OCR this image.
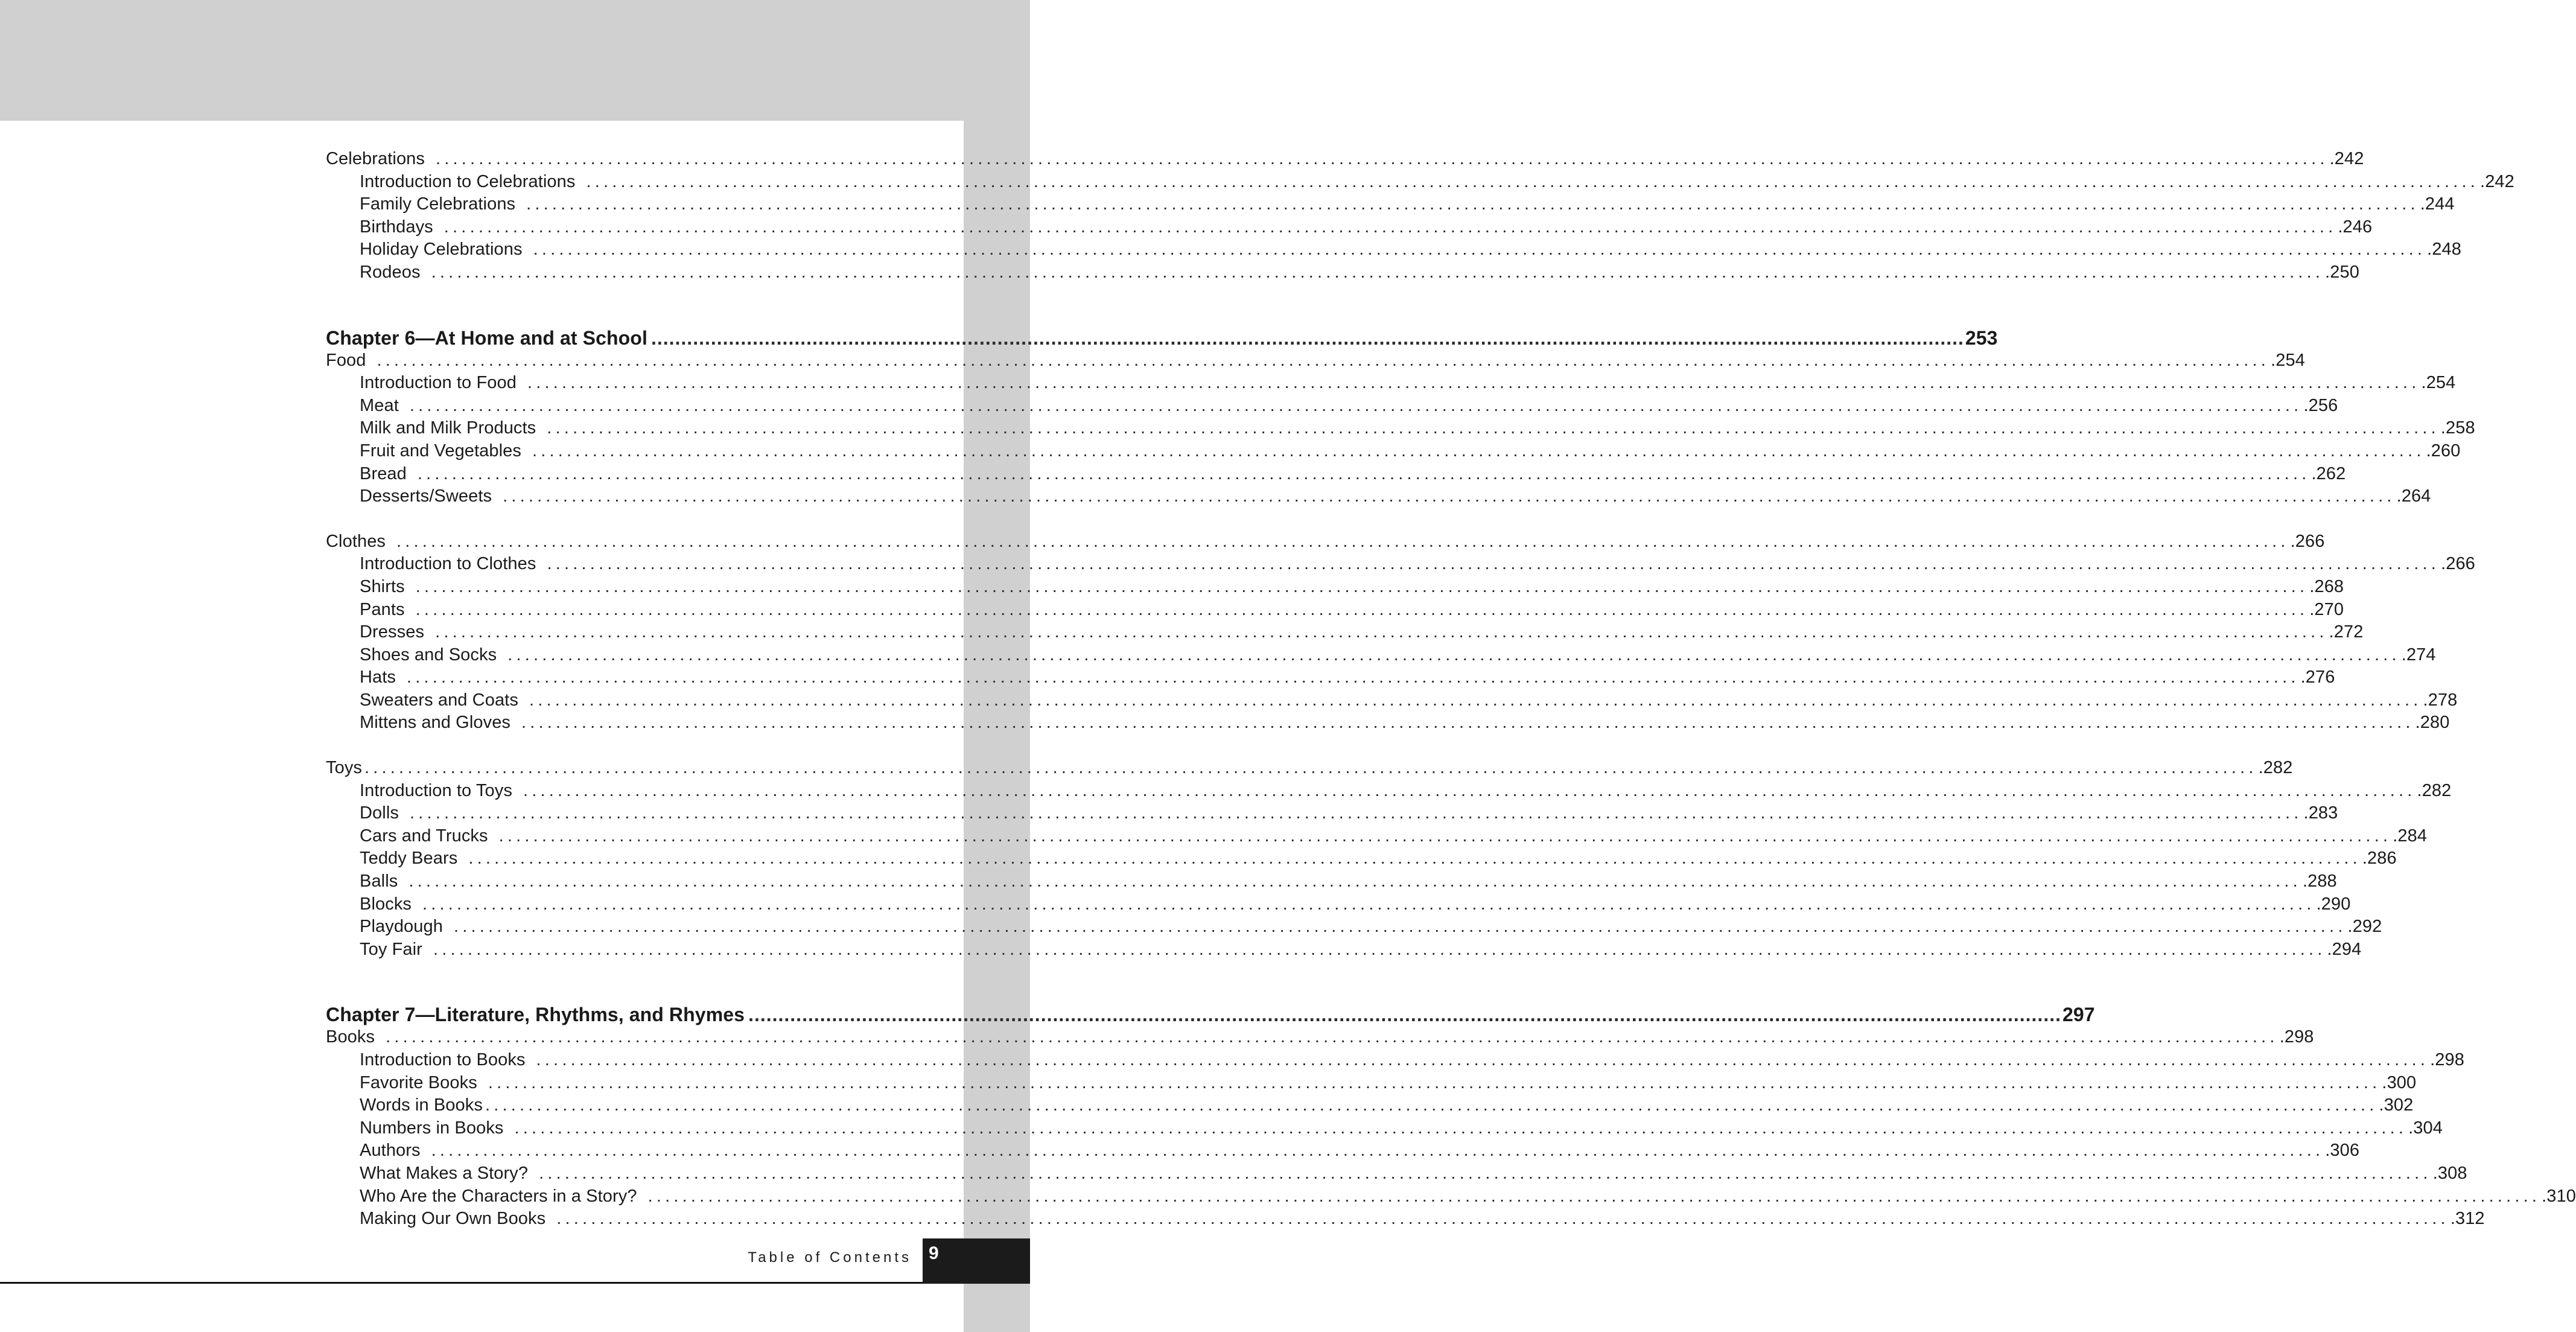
Celebrations ............................................................................................................................................................................................................................ .242
Introduction to Celebrations ............................................................................................................................................................................................................................ .242
Family Celebrations ............................................................................................................................................................................................................................ .244
Birthdays ............................................................................................................................................................................................................................ .246
Holiday Celebrations ............................................................................................................................................................................................................................ .248
Rodeos ............................................................................................................................................................................................................................ .250
Chapter 6—At Home and at School ............................................................................................................................................................................................................................ 253
Food ............................................................................................................................................................................................................................ .254
Introduction to Food ............................................................................................................................................................................................................................ .254
Meat ............................................................................................................................................................................................................................ .256
Milk and Milk Products ............................................................................................................................................................................................................................ .258
Fruit and Vegetables ............................................................................................................................................................................................................................ .260
Bread ............................................................................................................................................................................................................................ .262
Desserts/Sweets ............................................................................................................................................................................................................................ .264
Clothes ............................................................................................................................................................................................................................ .266
Introduction to Clothes ............................................................................................................................................................................................................................ .266
Shirts ............................................................................................................................................................................................................................ .268
Pants ............................................................................................................................................................................................................................ .270
Dresses ............................................................................................................................................................................................................................ .272
Shoes and Socks ............................................................................................................................................................................................................................ .274
Hats ............................................................................................................................................................................................................................ .276
Sweaters and Coats ............................................................................................................................................................................................................................ .278
Mittens and Gloves ............................................................................................................................................................................................................................ .280
Toys ............................................................................................................................................................................................................................ .282
Introduction to Toys ............................................................................................................................................................................................................................ .282
Dolls ............................................................................................................................................................................................................................ .283
Cars and Trucks ............................................................................................................................................................................................................................ .284
Teddy Bears ............................................................................................................................................................................................................................ .286
Balls ............................................................................................................................................................................................................................ .288
Blocks ............................................................................................................................................................................................................................ .290
Playdough ............................................................................................................................................................................................................................ .292
Toy Fair ............................................................................................................................................................................................................................ .294
Chapter 7—Literature, Rhythms, and Rhymes ............................................................................................................................................................................................................................ 297
Books ............................................................................................................................................................................................................................ .298
Introduction to Books ............................................................................................................................................................................................................................ .298
Favorite Books ............................................................................................................................................................................................................................ .300
Words in Books ............................................................................................................................................................................................................................ .302
Numbers in Books ............................................................................................................................................................................................................................ .304
Authors ............................................................................................................................................................................................................................ .306
What Makes a Story? ............................................................................................................................................................................................................................ .308
Who Are the Characters in a Story? ............................................................................................................................................................................................................................ .310
Making Our Own Books ............................................................................................................................................................................................................................ .312
Table of Contents 9
